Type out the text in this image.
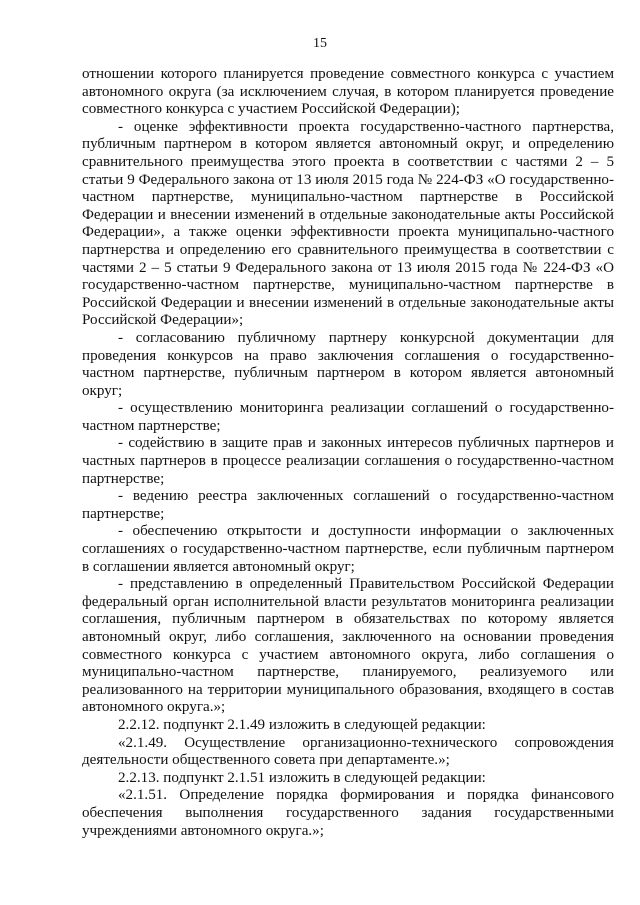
15

отношении которого планируется проведение совместного конкурса с участием автономного округа (за исключением случая, в котором планируется проведение совместного конкурса с участием Российской Федерации);

- оценке эффективности проекта государственно-частного партнерства, публичным партнером в котором является автономный округ, и определению сравнительного преимущества этого проекта в соответствии с частями 2 – 5 статьи 9 Федерального закона от 13 июля 2015 года № 224-ФЗ «О государственно-частном партнерстве, муниципально-частном партнерстве в Российской Федерации и внесении изменений в отдельные законодательные акты Российской Федерации», а также оценки эффективности проекта муниципально-частного партнерства и определению его сравнительного преимущества в соответствии с частями 2 – 5 статьи 9 Федерального закона от 13 июля 2015 года № 224-ФЗ «О государственно-частном партнерстве, муниципально-частном партнерстве в Российской Федерации и внесении изменений в отдельные законодательные акты Российской Федерации»;

- согласованию публичному партнеру конкурсной документации для проведения конкурсов на право заключения соглашения о государственно-частном партнерстве, публичным партнером в котором является автономный округ;

- осуществлению мониторинга реализации соглашений о государственно-частном партнерстве;

- содействию в защите прав и законных интересов публичных партнеров и частных партнеров в процессе реализации соглашения о государственно-частном партнерстве;

- ведению реестра заключенных соглашений о государственно-частном партнерстве;

- обеспечению открытости и доступности информации о заключенных соглашениях о государственно-частном партнерстве, если публичным партнером в соглашении является автономный округ;

- представлению в определенный Правительством Российской Федерации федеральный орган исполнительной власти результатов мониторинга реализации соглашения, публичным партнером в обязательствах по которому является автономный округ, либо соглашения, заключенного на основании проведения совместного конкурса с участием автономного округа, либо соглашения о муниципально-частном партнерстве, планируемого, реализуемого или реализованного на территории муниципального образования, входящего в состав автономного округа.»;

2.2.12. подпункт 2.1.49 изложить в следующей редакции:

«2.1.49. Осуществление организационно-технического сопровождения деятельности общественного совета при департаменте.»;

2.2.13. подпункт 2.1.51 изложить в следующей редакции:

«2.1.51. Определение порядка формирования и порядка финансового обеспечения выполнения государственного задания государственными учреждениями автономного округа.»;
